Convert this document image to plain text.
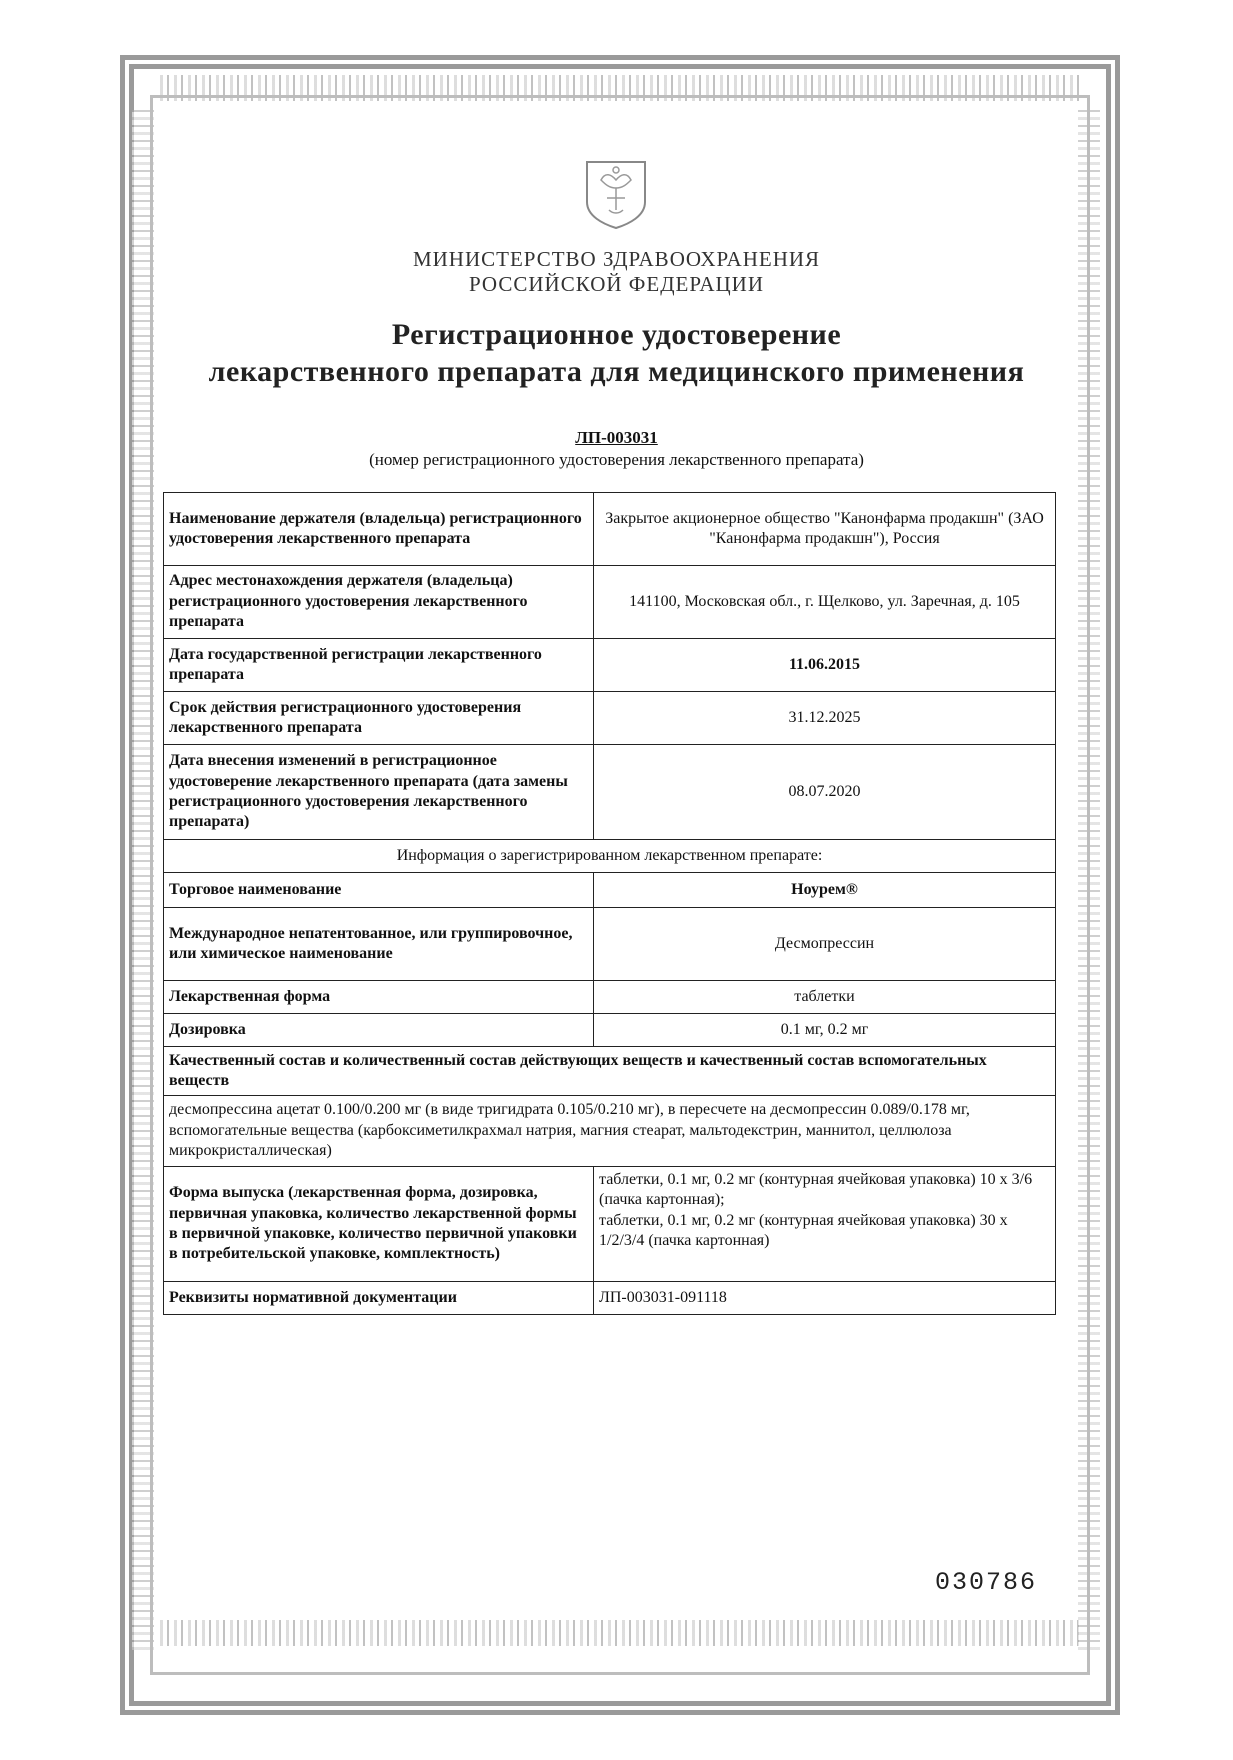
МИНИСТЕРСТВО ЗДРАВООХРАНЕНИЯ
РОССИЙСКОЙ ФЕДЕРАЦИИ
Регистрационное удостоверение
лекарственного препарата для медицинского применения
ЛП-003031
(номер регистрационного удостоверения лекарственного препарата)
Наименование держателя (владельца) регистрационного удостоверения лекарственного препарата	Закрытое акционерное общество "Канонфарма продакшн" (ЗАО "Канонфарма продакшн"), Россия
Адрес местонахождения держателя (владельца) регистрационного удостоверения лекарственного препарата	141100, Московская обл., г. Щелково, ул. Заречная, д. 105
Дата государственной регистрации лекарственного препарата	11.06.2015
Срок действия регистрационного удостоверения лекарственного препарата	31.12.2025
Дата внесения изменений в регистрационное удостоверение лекарственного препарата (дата замены регистрационного удостоверения лекарственного препарата)	08.07.2020
Информация о зарегистрированном лекарственном препарате:	
Торговое наименование	Ноурем®
Международное непатентованное, или группировочное, или химическое наименование	Десмопрессин
Лекарственная форма	таблетки
Дозировка	0.1 мг, 0.2 мг
Качественный состав и количественный состав действующих веществ и качественный состав вспомогательных веществ	
десмопрессина ацетат 0.100/0.200 мг (в виде тригидрата 0.105/0.210 мг), в пересчете на десмопрессин 0.089/0.178 мг, вспомогательные вещества (карбоксиметилкрахмал натрия, магния стеарат, мальтодекстрин, маннитол, целлюлоза микрокристаллическая)	
Форма выпуска (лекарственная форма, дозировка, первичная упаковка, количество лекарственной формы в первичной упаковке, количество первичной упаковки в потребительской упаковке, комплектность)	таблетки, 0.1 мг, 0.2 мг (контурная ячейковая упаковка) 10 х 3/6 (пачка картонная);
таблетки, 0.1 мг, 0.2 мг (контурная ячейковая упаковка) 30 х 1/2/3/4 (пачка картонная)

Реквизиты нормативной документации	ЛП-003031-091118
030786
